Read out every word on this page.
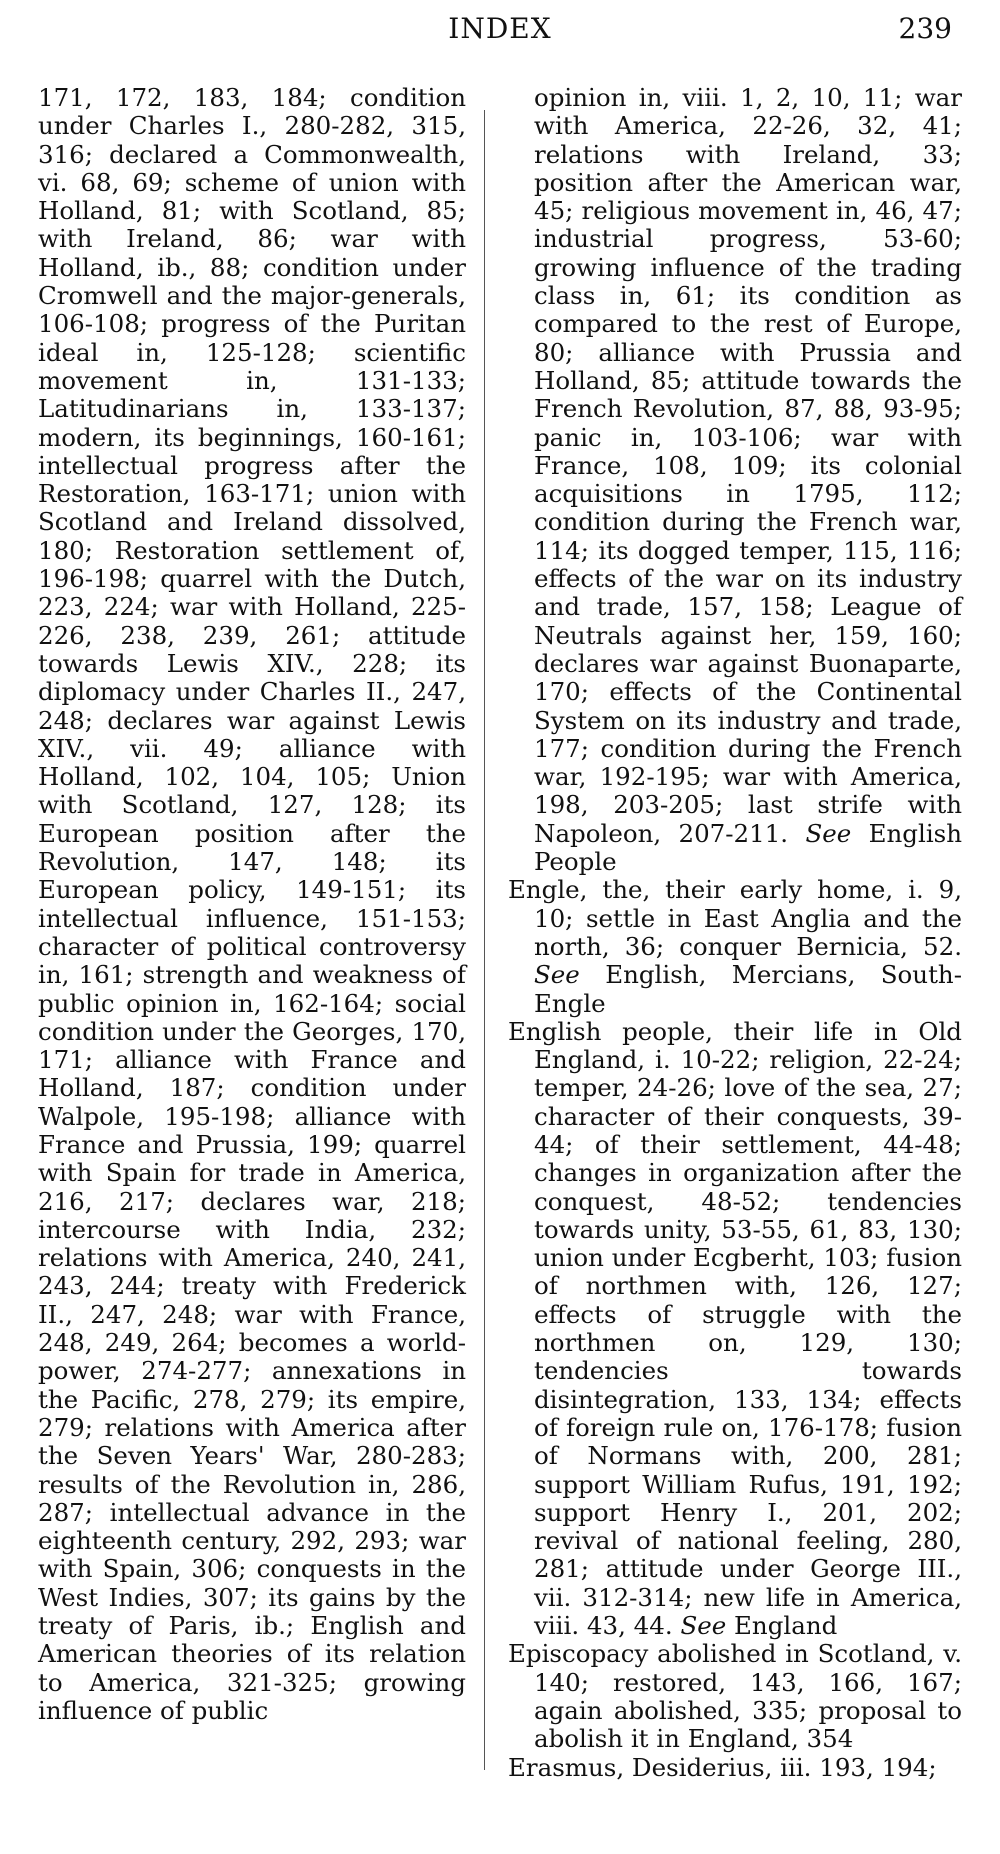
INDEX	239

171, 172, 183, 184; condition under Charles I., 280-282, 315, 316; declared a Commonwealth, vi. 68, 69; scheme of union with Holland, 81; with Scotland, 85; with Ireland, 86; war with Holland, ib., 88; condition under Cromwell and the major-generals, 106-108; progress of the Puritan ideal in, 125-128; scientific movement in, 131-133; Latitudinarians in, 133-137; modern, its beginnings, 160-161; intellectual progress after the Restoration, 163-171; union with Scotland and Ireland dissolved, 180; Restoration settlement of, 196-198; quarrel with the Dutch, 223, 224; war with Holland, 225-226, 238, 239, 261; attitude towards Lewis XIV., 228; its diplomacy under Charles II., 247, 248; declares war against Lewis XIV., vii. 49; alliance with Holland, 102, 104, 105; Union with Scotland, 127, 128; its European position after the Revolution, 147, 148; its European policy, 149-151; its intellectual influence, 151-153; character of political controversy in, 161; strength and weakness of public opinion in, 162-164; social condition under the Georges, 170, 171; alliance with France and Holland, 187; condition under Walpole, 195-198; alliance with France and Prussia, 199; quarrel with Spain for trade in America, 216, 217; declares war, 218; intercourse with India, 232; relations with America, 240, 241, 243, 244; treaty with Frederick II., 247, 248; war with France, 248, 249, 264; becomes a world-power, 274-277; annexations in the Pacific, 278, 279; its empire, 279; relations with America after the Seven Years' War, 280-283; results of the Revolution in, 286, 287; intellectual advance in the eighteenth century, 292, 293; war with Spain, 306; conquests in the West Indies, 307; its gains by the treaty of Paris, ib.; English and American theories of its relation to America, 321-325; growing influence of public

opinion in, viii. 1, 2, 10, 11; war with America, 22-26, 32, 41; relations with Ireland, 33; position after the American war, 45; religious movement in, 46, 47; industrial progress, 53-60; growing influence of the trading class in, 61; its condition as compared to the rest of Europe, 80; alliance with Prussia and Holland, 85; attitude towards the French Revolution, 87, 88, 93-95; panic in, 103-106; war with France, 108, 109; its colonial acquisitions in 1795, 112; condition during the French war, 114; its dogged temper, 115, 116; effects of the war on its industry and trade, 157, 158; League of Neutrals against her, 159, 160; declares war against Buonaparte, 170; effects of the Continental System on its industry and trade, 177; condition during the French war, 192-195; war with America, 198, 203-205; last strife with Napoleon, 207-211. See English People

Engle, the, their early home, i. 9, 10; settle in East Anglia and the north, 36; conquer Bernicia, 52. See English, Mercians, South-Engle

English people, their life in Old England, i. 10-22; religion, 22-24; temper, 24-26; love of the sea, 27; character of their conquests, 39-44; of their settlement, 44-48; changes in organization after the conquest, 48-52; tendencies towards unity, 53-55, 61, 83, 130; union under Ecgberht, 103; fusion of northmen with, 126, 127; effects of struggle with the northmen on, 129, 130; tendencies towards disintegration, 133, 134; effects of foreign rule on, 176-178; fusion of Normans with, 200, 281; support William Rufus, 191, 192; support Henry I., 201, 202; revival of national feeling, 280, 281; attitude under George III., vii. 312-314; new life in America, viii. 43, 44. See England

Episcopacy abolished in Scotland, v. 140; restored, 143, 166, 167; again abolished, 335; proposal to abolish it in England, 354

Erasmus, Desiderius, iii. 193, 194;
